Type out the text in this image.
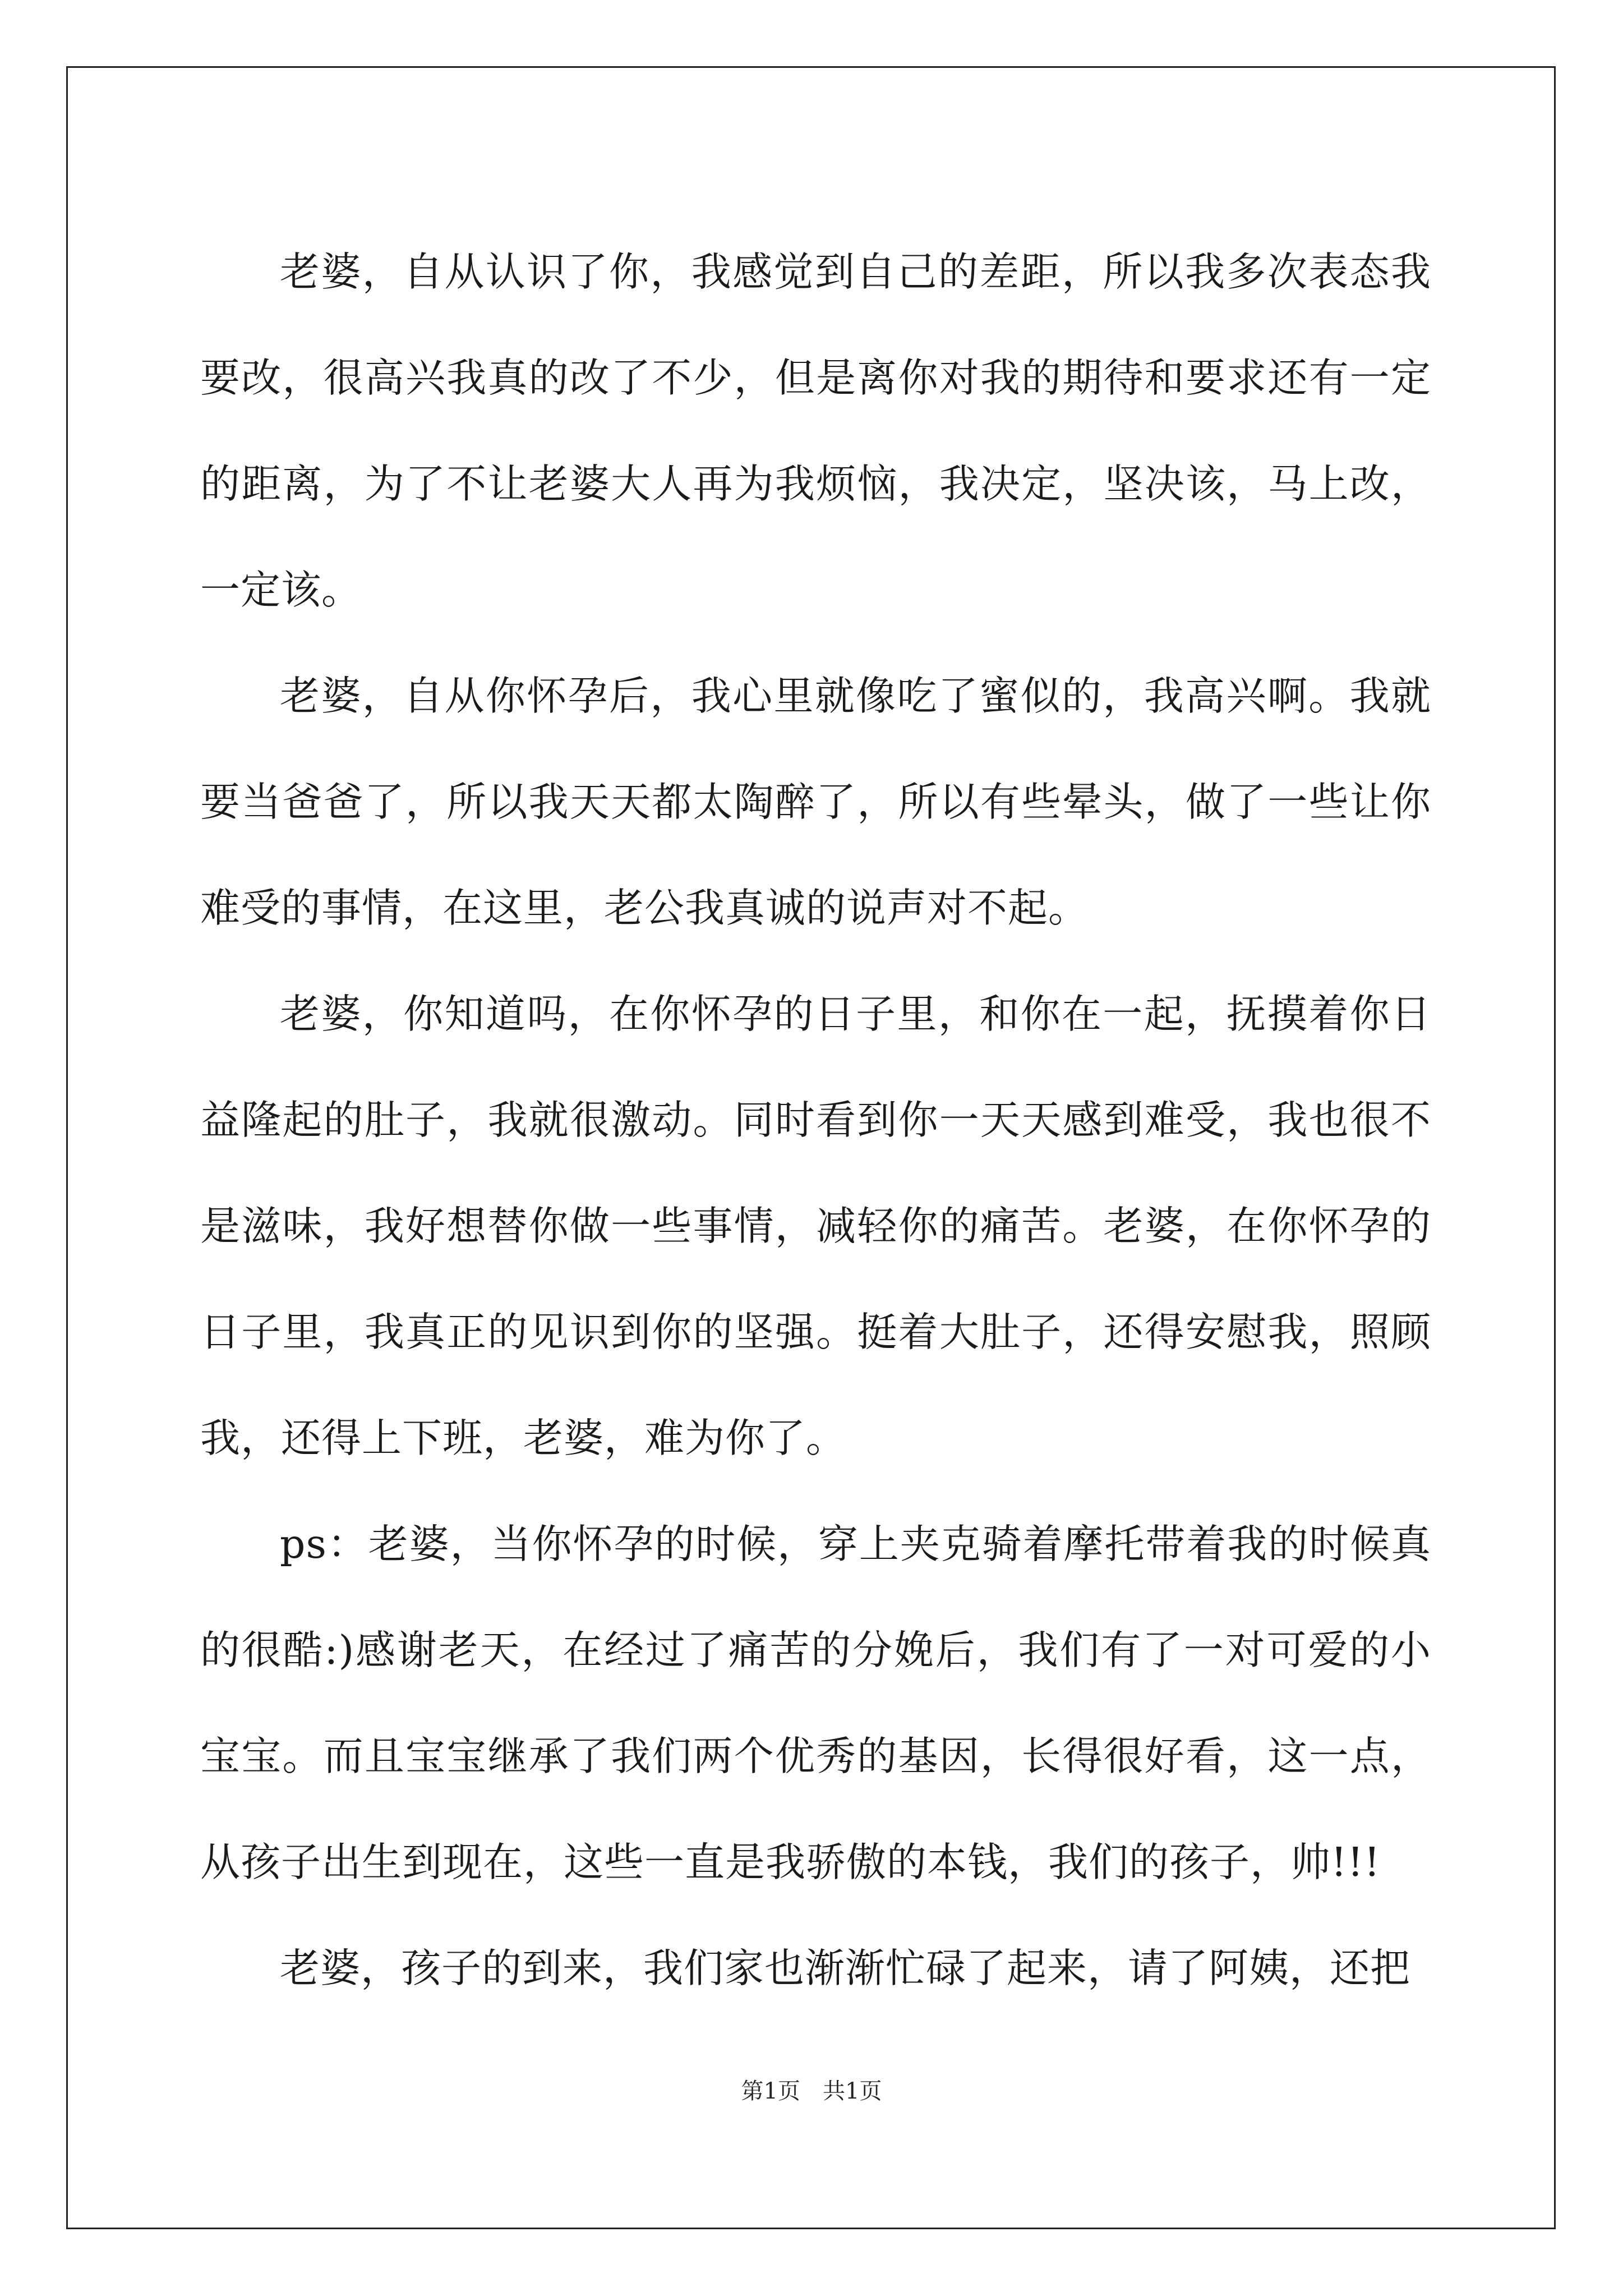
老婆，自从认识了你，我感觉到自己的差距，所以我多次表态我要改，很高兴我真的改了不少，但是离你对我的期待和要求还有一定的距离，为了不让老婆大人再为我烦恼，我决定，坚决该，马上改，一定该。

老婆，自从你怀孕后，我心里就像吃了蜜似的，我高兴啊。我就要当爸爸了，所以我天天都太陶醉了，所以有些晕头，做了一些让你难受的事情，在这里，老公我真诚的说声对不起。

老婆，你知道吗，在你怀孕的日子里，和你在一起，抚摸着你日益隆起的肚子，我就很激动。同时看到你一天天感到难受，我也很不是滋味，我好想替你做一些事情，减轻你的痛苦。老婆，在你怀孕的日子里，我真正的见识到你的坚强。挺着大肚子，还得安慰我，照顾我，还得上下班，老婆，难为你了。

ps：老婆，当你怀孕的时候，穿上夹克骑着摩托带着我的时候真的很酷:)感谢老天，在经过了痛苦的分娩后，我们有了一对可爱的小宝宝。而且宝宝继承了我们两个优秀的基因，长得很好看，这一点，从孩子出生到现在，这些一直是我骄傲的本钱，我们的孩子，帅!!!

老婆，孩子的到来，我们家也渐渐忙碌了起来，请了阿姨，还把

第1页　共1页
